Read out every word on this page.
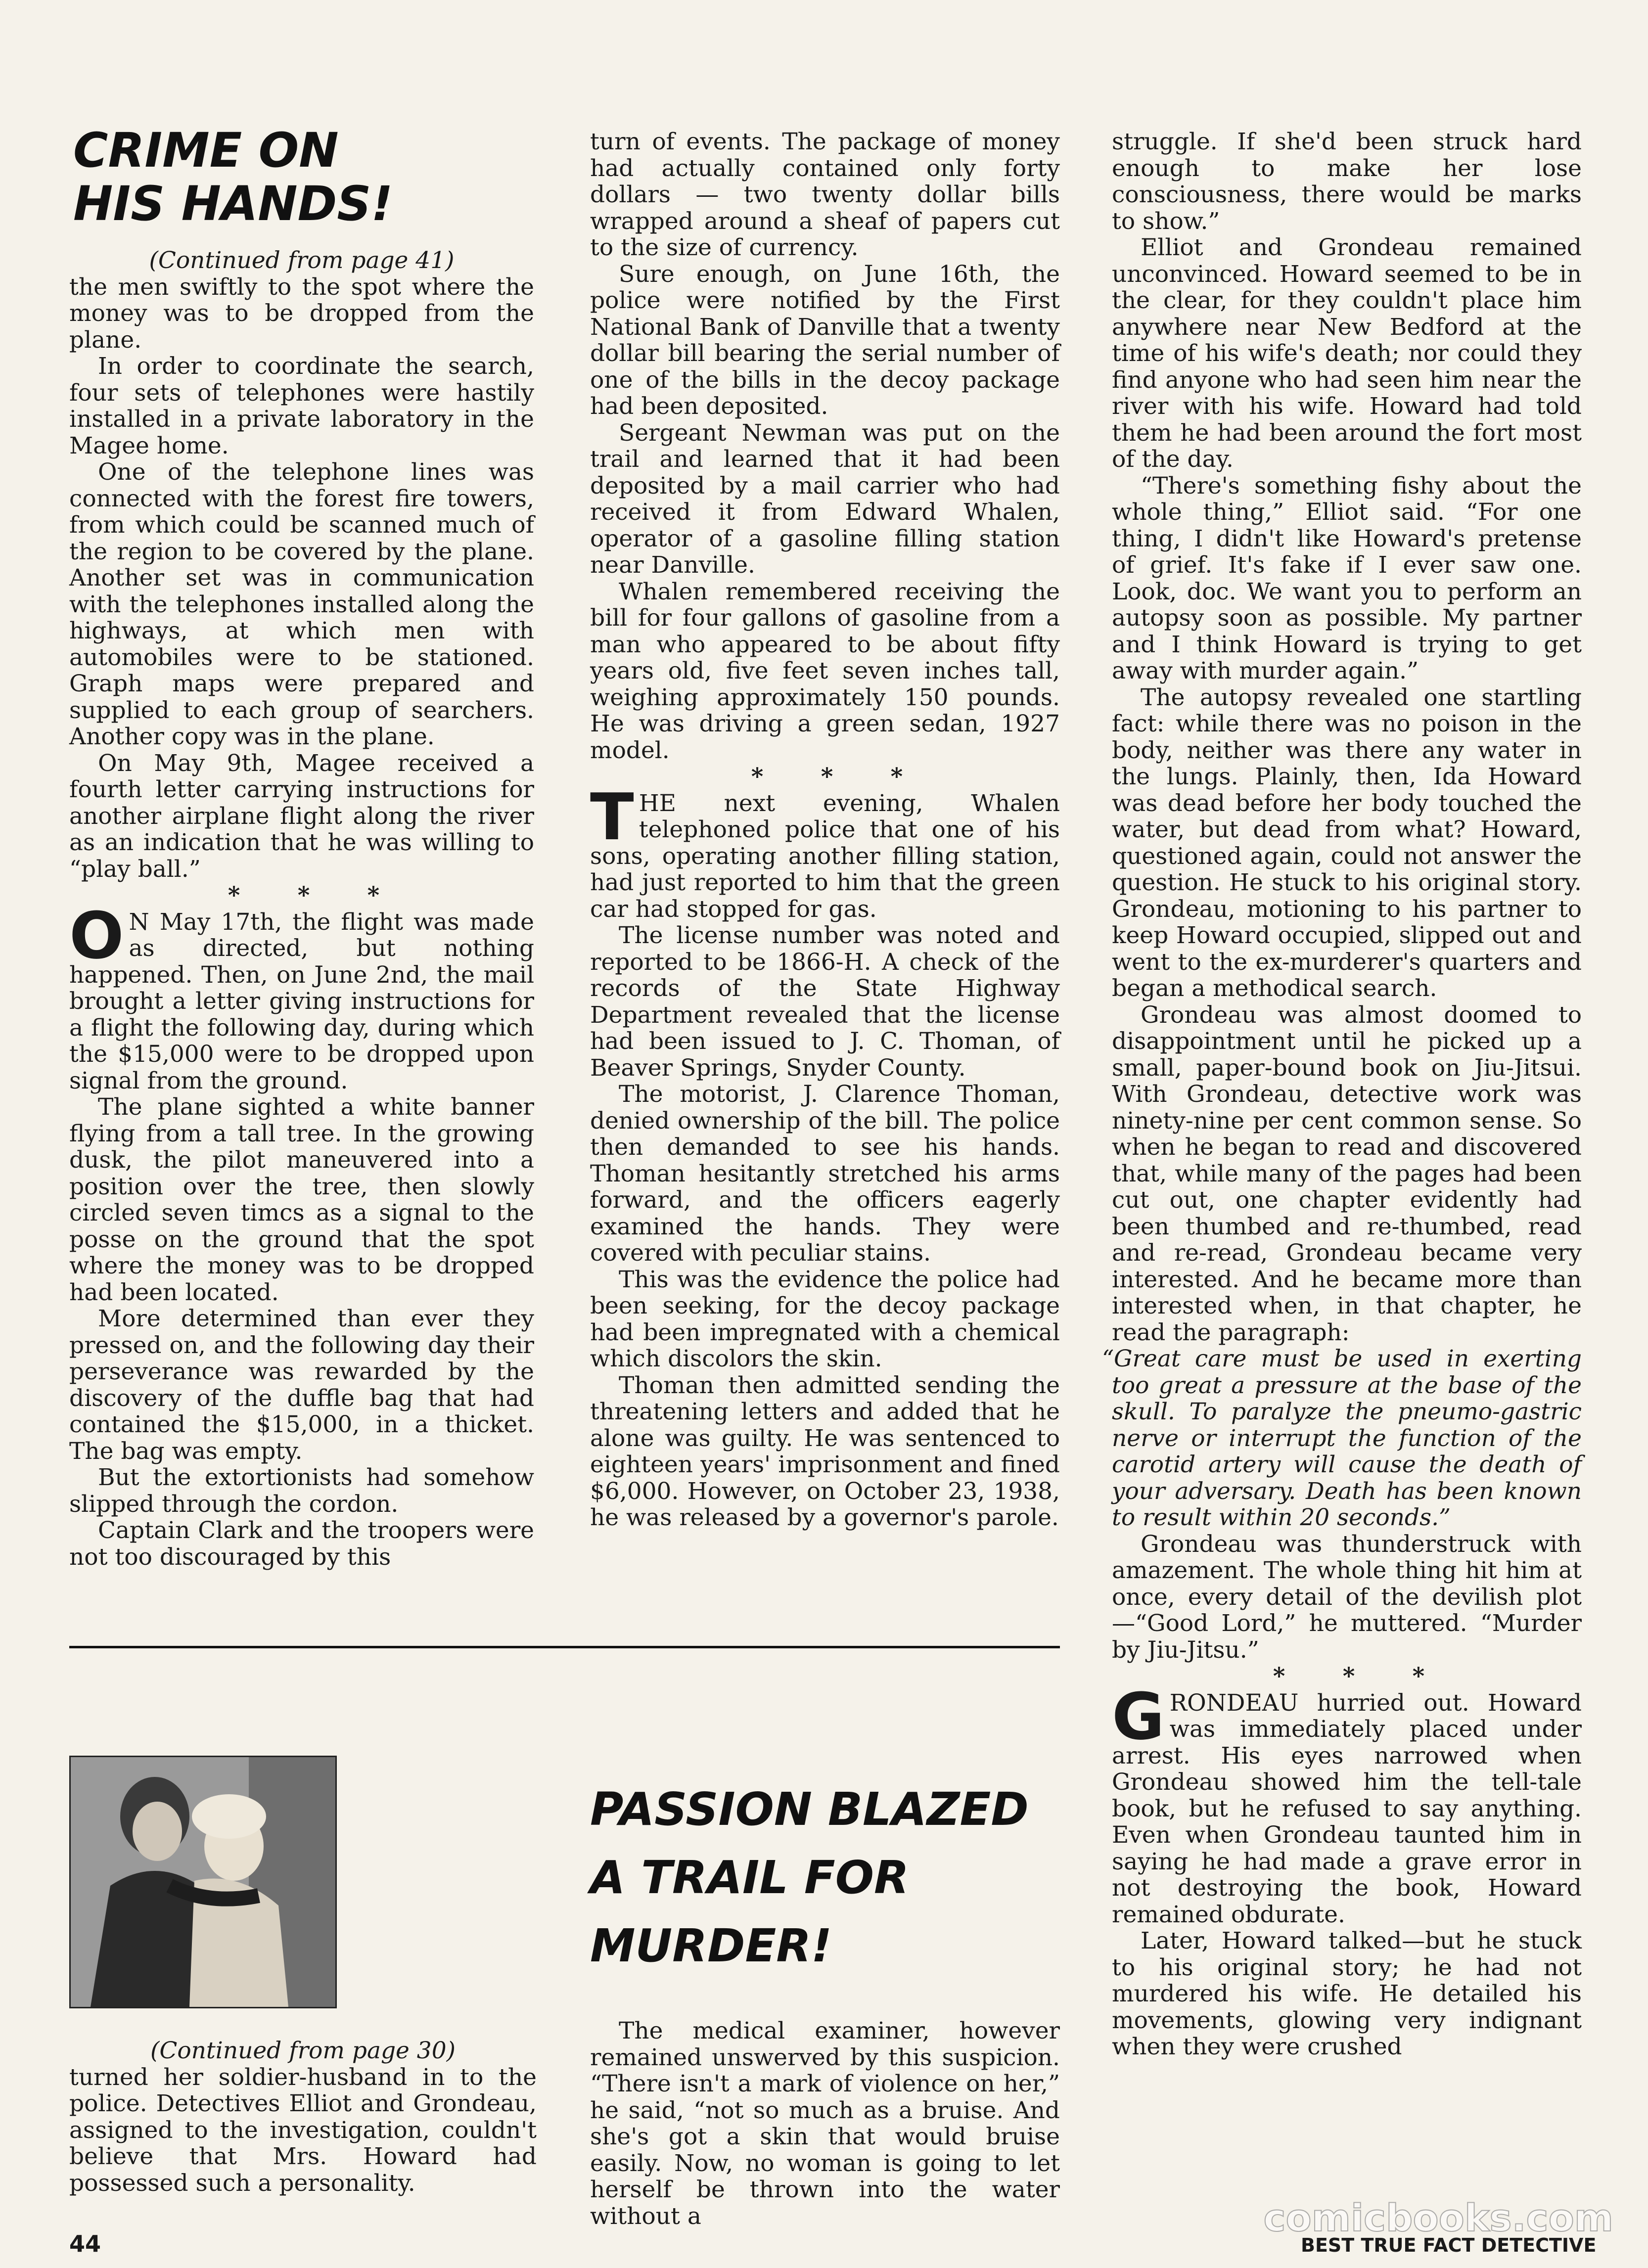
CRIME ON
HIS HANDS!

(Continued from page 41)

the men swiftly to the spot where the money was to be dropped from the plane.

In order to coordinate the search, four sets of telephones were hastily installed in a private laboratory in the Magee home.

One of the telephone lines was connected with the forest fire towers, from which could be scanned much of the region to be covered by the plane. Another set was in communication with the telephones installed along the highways, at which men with automobiles were to be stationed. Graph maps were prepared and supplied to each group of searchers. Another copy was in the plane.

On May 9th, Magee received a fourth letter carrying instructions for another airplane flight along the river as an indication that he was willing to “play ball.”

* * *

O N May 17th, the flight was made as directed, but nothing happened. Then, on June 2nd, the mail brought a letter giving instructions for a flight the following day, during which the $15,000 were to be dropped upon signal from the ground.

The plane sighted a white banner flying from a tall tree. In the growing dusk, the pilot maneuvered into a position over the tree, then slowly circled seven timcs as a signal to the posse on the ground that the spot where the money was to be dropped had been located.

More determined than ever they pressed on, and the following day their perseverance was rewarded by the discovery of the duffle bag that had contained the $15,000, in a thicket. The bag was empty.

But the extortionists had somehow slipped through the cordon.

Captain Clark and the troopers were not too discouraged by this

turn of events. The package of money had actually contained only forty dollars — two twenty dollar bills wrapped around a sheaf of papers cut to the size of currency.

Sure enough, on June 16th, the police were notified by the First National Bank of Danville that a twenty dollar bill bearing the serial number of one of the bills in the decoy package had been deposited.

Sergeant Newman was put on the trail and learned that it had been deposited by a mail carrier who had received it from Edward Whalen, operator of a gasoline filling station near Danville.

Whalen remembered receiving the bill for four gallons of gasoline from a man who appeared to be about fifty years old, five feet seven inches tall, weighing approximately 150 pounds. He was driving a green sedan, 1927 model.

* * *

THE next evening, Whalen telephoned police that one of his sons, operating another filling station, had just reported to him that the green car had stopped for gas.

The license number was noted and reported to be 1866-H. A check of the records of the State Highway Department revealed that the license had been issued to J. C. Thoman, of Beaver Springs, Snyder County.

The motorist, J. Clarence Thoman, denied ownership of the bill. The police then demanded to see his hands. Thoman hesitantly stretched his arms forward, and the officers eagerly examined the hands. They were covered with peculiar stains.

This was the evidence the police had been seeking, for the decoy package had been impregnated with a chemical which discolors the skin.

Thoman then admitted sending the threatening letters and added that he alone was guilty. He was sentenced to eighteen years' imprisonment and fined $6,000. However, on October 23, 1938, he was released by a governor's parole.

(Continued from page 30)

turned her soldier-husband in to the police. Detectives Elliot and Grondeau, assigned to the investigation, couldn't believe that Mrs. Howard had possessed such a personality.

PASSION BLAZED
A TRAIL FOR
MURDER!

The medical examiner, however remained unswerved by this suspicion. “There isn't a mark of violence on her,” he said, “not so much as a bruise. And she's got a skin that would bruise easily. Now, no woman is going to let herself be thrown into the water without a

struggle. If she'd been struck hard enough to make her lose consciousness, there would be marks to show.”

Elliot and Grondeau remained unconvinced. Howard seemed to be in the clear, for they couldn't place him anywhere near New Bedford at the time of his wife's death; nor could they find anyone who had seen him near the river with his wife. Howard had told them he had been around the fort most of the day.

“There's something fishy about the whole thing,” Elliot said. “For one thing, I didn't like Howard's pretense of grief. It's fake if I ever saw one. Look, doc. We want you to perform an autopsy soon as possible. My partner and I think Howard is trying to get away with murder again.”

The autopsy revealed one startling fact: while there was no poison in the body, neither was there any water in the lungs. Plainly, then, Ida Howard was dead before her body touched the water, but dead from what? Howard, questioned again, could not answer the question. He stuck to his original story. Grondeau, motioning to his partner to keep Howard occupied, slipped out and went to the ex-murderer's quarters and began a methodical search.

Grondeau was almost doomed to disappointment until he picked up a small, paper-bound book on Jiu-Jitsui. With Grondeau, detective work was ninety-nine per cent common sense. So when he began to read and discovered that, while many of the pages had been cut out, one chapter evidently had been thumbed and re-thumbed, read and re-read, Grondeau became very interested. And he became more than interested when, in that chapter, he read the paragraph:

“Great care must be used in exerting too great a pressure at the base of the skull. To paralyze the pneumo-gastric nerve or interrupt the function of the carotid artery will cause the death of your adversary. Death has been known to result within 20 seconds.”

Grondeau was thunderstruck with amazement. The whole thing hit him at once, every detail of the devilish plot—“Good Lord,” he muttered. “Murder by Jiu-Jitsu.”

* * *

GRONDEAU hurried out. Howard was immediately placed under arrest. His eyes narrowed when Grondeau showed him the tell-tale book, but he refused to say anything. Even when Grondeau taunted him in saying he had made a grave error in not destroying the book, Howard remained obdurate.

Later, Howard talked—but he stuck to his original story; he had not murdered his wife. He detailed his movements, glowing very indignant when they were crushed

44	BEST TRUE FACT DETECTIVE
comicbooks.com
